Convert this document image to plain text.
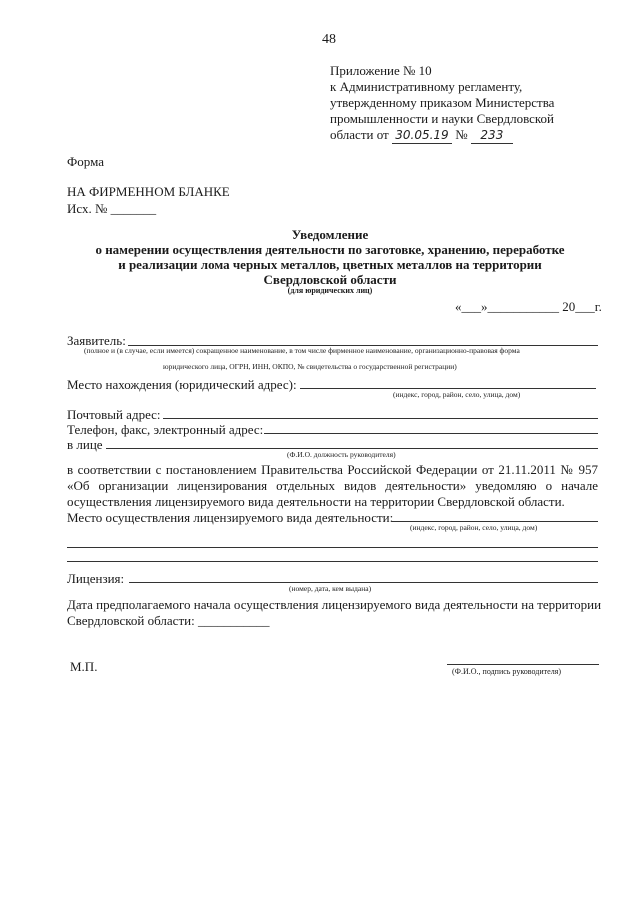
48
Приложение № 10
к Административному регламенту,
утвержденному приказом Министерства
промышленности и науки Свердловской
области от 30.05.19 № 233
Форма
НА ФИРМЕННОМ БЛАНКЕ
Исх. № _______
Уведомление
о намерении осуществления деятельности по заготовке, хранению, переработке
и реализации лома черных металлов, цветных металлов на территории
Свердловской области
(для юридических лиц)
«___»___________ 20___г.
Заявитель:
(полное и (в случае, если имеется) сокращенное наименование, в том числе фирменное наименование, организационно-правовая форма
юридического лица, ОГРН, ИНН, ОКПО, № свидетельства о государственной регистрации)
Место нахождения (юридический адрес):
(индекс, город, район, село, улица, дом)
Почтовый адрес:
Телефон, факс, электронный адрес:
в лице
(Ф.И.О. должность руководителя)
в соответствии с постановлением Правительства Российской Федерации от 21.11.2011 № 957
«Об организации лицензирования отдельных видов деятельности» уведомляю о начале
осуществления лицензируемого вида деятельности на территории Свердловской области.
Место осуществления лицензируемого вида деятельности:
(индекс, город, район, село, улица, дом)
Лицензия:
(номер, дата, кем выдана)
Дата предполагаемого начала осуществления лицензируемого вида деятельности на территории
Свердловской области: ___________
М.П.	(Ф.И.О., подпись руководителя)
